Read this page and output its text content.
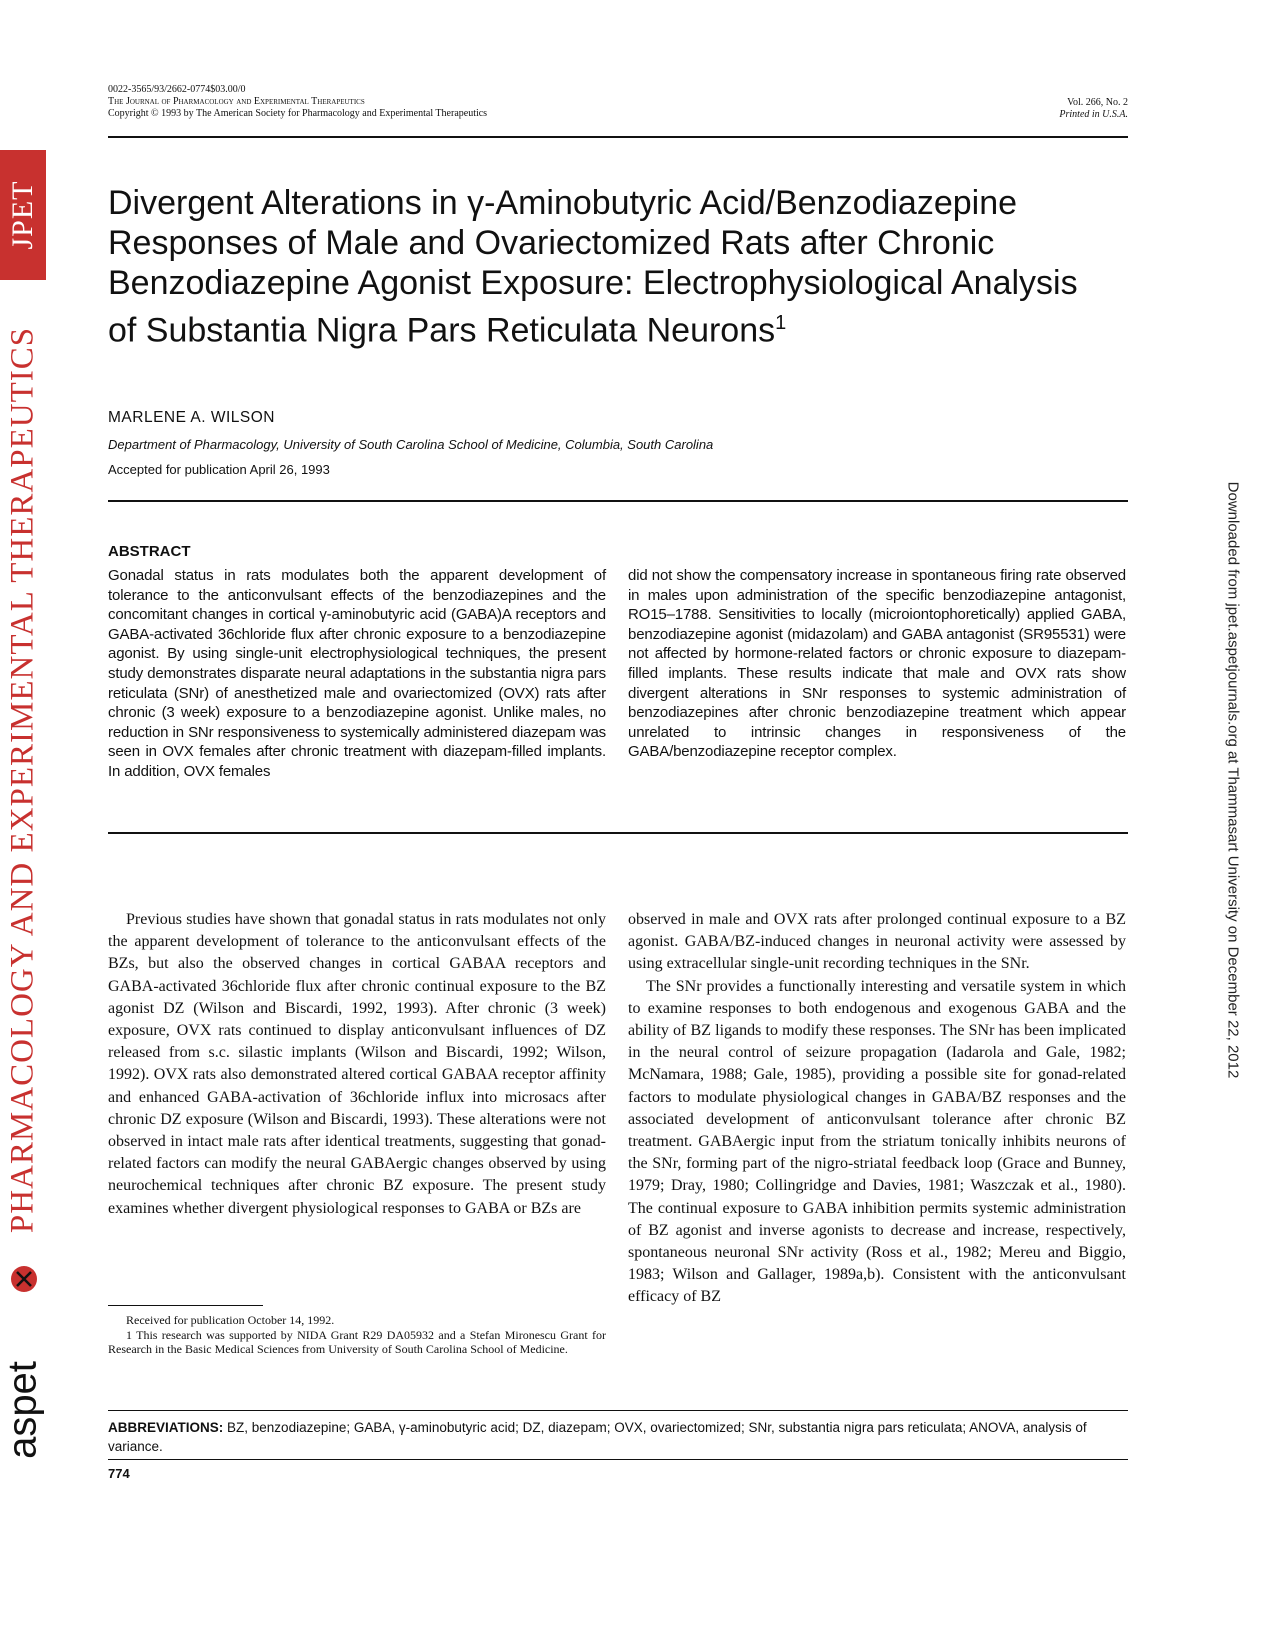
JPET
PHARMACOLOGY AND EXPERIMENTAL THERAPEUTICS
aspet
Downloaded from jpet.aspetjournals.org at Thammasart University on December 22, 2012
0022-3565/93/2662-0774$03.00/0
The Journal of Pharmacology and Experimental Therapeutics
Copyright © 1993 by The American Society for Pharmacology and Experimental Therapeutics
Vol. 266, No. 2
Printed in U.S.A.
Divergent Alterations in γ-Aminobutyric Acid/Benzodiazepine
Responses of Male and Ovariectomized Rats after Chronic
Benzodiazepine Agonist Exposure: Electrophysiological Analysis
of Substantia Nigra Pars Reticulata Neurons$^1$
MARLENE A. WILSON
Department of Pharmacology, University of South Carolina School of Medicine, Columbia, South Carolina
Accepted for publication April 26, 1993
ABSTRACT
Gonadal status in rats modulates both the apparent development of tolerance to the anticonvulsant effects of the benzodiazepines and the concomitant changes in cortical γ-aminobutyric acid (GABA)A receptors and GABA-activated 36chloride flux after chronic exposure to a benzodiazepine agonist. By using single-unit electrophysiological techniques, the present study demonstrates disparate neural adaptations in the substantia nigra pars reticulata (SNr) of anesthetized male and ovariectomized (OVX) rats after chronic (3 week) exposure to a benzodiazepine agonist. Unlike males, no reduction in SNr responsiveness to systemically administered diazepam was seen in OVX females after chronic treatment with diazepam-filled implants. In addition, OVX females
did not show the compensatory increase in spontaneous firing rate observed in males upon administration of the specific benzodiazepine antagonist, RO15–1788. Sensitivities to locally (microiontophoretically) applied GABA, benzodiazepine agonist (midazolam) and GABA antagonist (SR95531) were not affected by hormone-related factors or chronic exposure to diazepam-filled implants. These results indicate that male and OVX rats show divergent alterations in SNr responses to systemic administration of benzodiazepines after chronic benzodiazepine treatment which appear unrelated to intrinsic changes in responsiveness of the GABA/benzodiazepine receptor complex.

Previous studies have shown that gonadal status in rats modulates not only the apparent development of tolerance to the anticonvulsant effects of the BZs, but also the observed changes in cortical GABAA receptors and GABA-activated 36chloride flux after chronic continual exposure to the BZ agonist DZ (Wilson and Biscardi, 1992, 1993). After chronic (3 week) exposure, OVX rats continued to display anticonvulsant influences of DZ released from s.c. silastic implants (Wilson and Biscardi, 1992; Wilson, 1992). OVX rats also demonstrated altered cortical GABAA receptor affinity and enhanced GABA-activation of 36chloride influx into microsacs after chronic DZ exposure (Wilson and Biscardi, 1993). These alterations were not observed in intact male rats after identical treatments, suggesting that gonad-related factors can modify the neural GABAergic changes observed by using neurochemical techniques after chronic BZ exposure. The present study examines whether divergent physiological responses to GABA or BZs are

observed in male and OVX rats after prolonged continual exposure to a BZ agonist. GABA/BZ-induced changes in neuronal activity were assessed by using extracellular single-unit recording techniques in the SNr.

The SNr provides a functionally interesting and versatile system in which to examine responses to both endogenous and exogenous GABA and the ability of BZ ligands to modify these responses. The SNr has been implicated in the neural control of seizure propagation (Iadarola and Gale, 1982; McNamara, 1988; Gale, 1985), providing a possible site for gonad-related factors to modulate physiological changes in GABA/BZ responses and the associated development of anticonvulsant tolerance after chronic BZ treatment. GABAergic input from the striatum tonically inhibits neurons of the SNr, forming part of the nigro-striatal feedback loop (Grace and Bunney, 1979; Dray, 1980; Collingridge and Davies, 1981; Waszczak et al., 1980). The continual exposure to GABA inhibition permits systemic administration of BZ agonist and inverse agonists to decrease and increase, respectively, spontaneous neuronal SNr activity (Ross et al., 1982; Mereu and Biggio, 1983; Wilson and Gallager, 1989a,b). Consistent with the anticonvulsant efficacy of BZ

Received for publication October 14, 1992.

1 This research was supported by NIDA Grant R29 DA05932 and a Stefan Mironescu Grant for Research in the Basic Medical Sciences from University of South Carolina School of Medicine.

ABBREVIATIONS: BZ, benzodiazepine; GABA, γ-aminobutyric acid; DZ, diazepam; OVX, ovariectomized; SNr, substantia nigra pars reticulata; ANOVA, analysis of variance.
774
